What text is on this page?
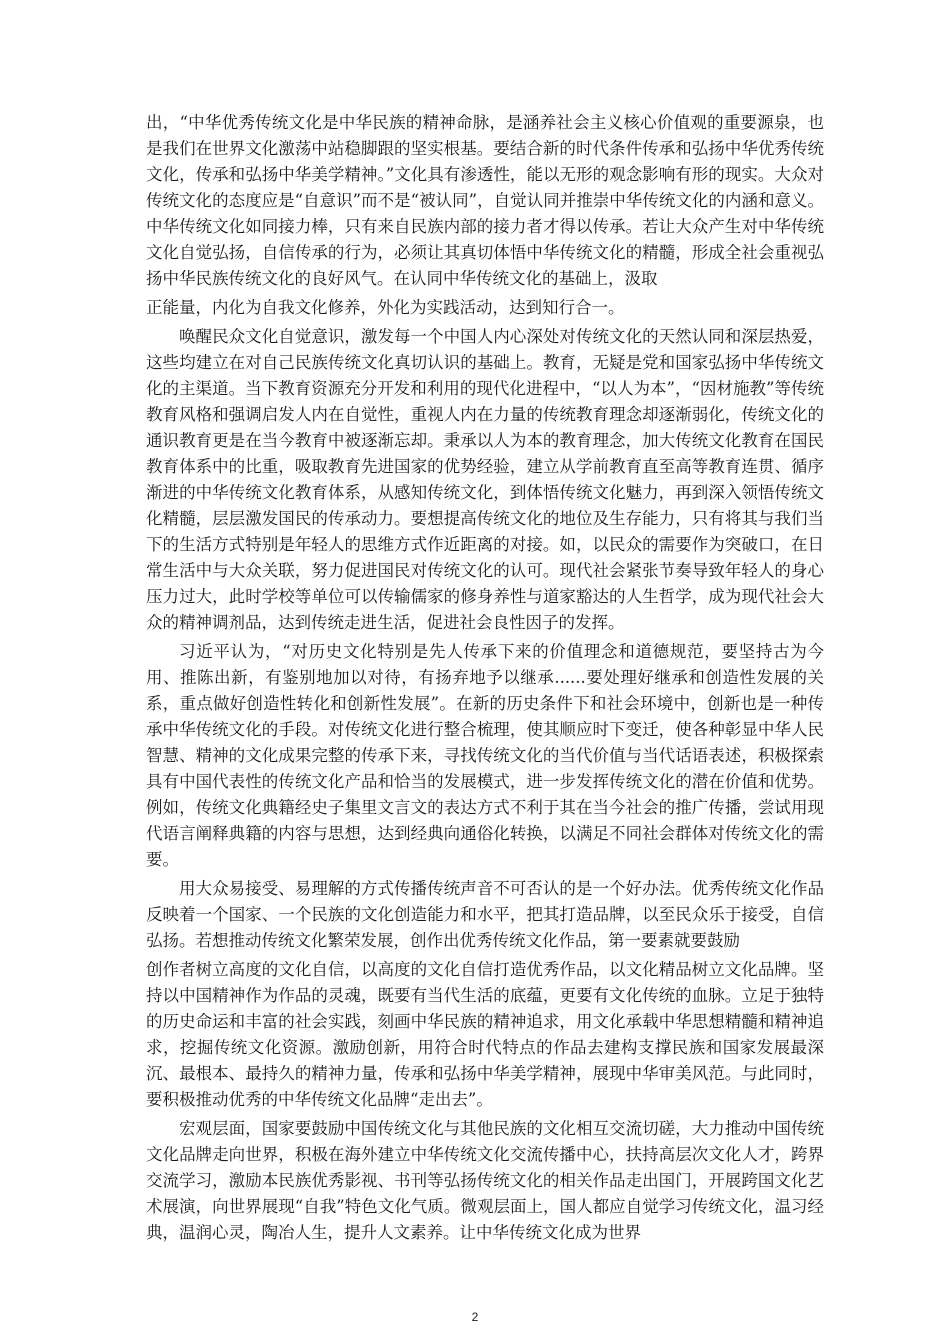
出，“中华优秀传统文化是中华民族的精神命脉，是涵养社会主义核心价值观的重要源泉，也是我们在世界文化激荡中站稳脚跟的坚实根基。要结合新的时代条件传承和弘扬中华优秀传统文化，传承和弘扬中华美学精神。”文化具有渗透性，能以无形的观念影响有形的现实。大众对传统文化的态度应是“自意识”而不是“被认同”，自觉认同并推崇中华传统文化的内涵和意义。中华传统文化如同接力棒，只有来自民族内部的接力者才得以传承。若让大众产生对中华传统文化自觉弘扬，自信传承的行为，必须让其真切体悟中华传统文化的精髓，形成全社会重视弘扬中华民族传统文化的良好风气。在认同中华传统文化的基础上，汲取

正能量，内化为自我文化修养，外化为实践活动，达到知行合一。

唤醒民众文化自觉意识，激发每一个中国人内心深处对传统文化的天然认同和深层热爱，这些均建立在对自己民族传统文化真切认识的基础上。教育，无疑是党和国家弘扬中华传统文化的主渠道。当下教育资源充分开发和利用的现代化进程中，“以人为本”，“因材施教”等传统教育风格和强调启发人内在自觉性，重视人内在力量的传统教育理念却逐渐弱化，传统文化的通识教育更是在当今教育中被逐渐忘却。秉承以人为本的教育理念，加大传统文化教育在国民教育体系中的比重，吸取教育先进国家的优势经验，建立从学前教育直至高等教育连贯、循序渐进的中华传统文化教育体系，从感知传统文化，到体悟传统文化魅力，再到深入领悟传统文化精髓，层层激发国民的传承动力。要想提高传统文化的地位及生存能力，只有将其与我们当下的生活方式特别是年轻人的思维方式作近距离的对接。如，以民众的需要作为突破口，在日常生活中与大众关联，努力促进国民对传统文化的认可。现代社会紧张节奏导致年轻人的身心压力过大，此时学校等单位可以传输儒家的修身养性与道家豁达的人生哲学，成为现代社会大众的精神调剂品，达到传统走进生活，促进社会良性因子的发挥。

习近平认为，“对历史文化特别是先人传承下来的价值理念和道德规范，要坚持古为今用、推陈出新，有鉴别地加以对待，有扬弃地予以继承......要处理好继承和创造性发展的关系，重点做好创造性转化和创新性发展”。在新的历史条件下和社会环境中，创新也是一种传承中华传统文化的手段。对传统文化进行整合梳理，使其顺应时下变迁，使各种彰显中华人民智慧、精神的文化成果完整的传承下来，寻找传统文化的当代价值与当代话语表述，积极探索具有中国代表性的传统文化产品和恰当的发展模式，进一步发挥传统文化的潜在价值和优势。例如，传统文化典籍经史子集里文言文的表达方式不利于其在当今社会的推广传播，尝试用现代语言阐释典籍的内容与思想，达到经典向通俗化转换，以满足不同社会群体对传统文化的需要。

用大众易接受、易理解的方式传播传统声音不可否认的是一个好办法。优秀传统文化作品反映着一个国家、一个民族的文化创造能力和水平，把其打造品牌，以至民众乐于接受，自信弘扬。若想推动传统文化繁荣发展，创作出优秀传统文化作品，第一要素就要鼓励

创作者树立高度的文化自信，以高度的文化自信打造优秀作品，以文化精品树立文化品牌。坚持以中国精神作为作品的灵魂，既要有当代生活的底蕴，更要有文化传统的血脉。立足于独特的历史命运和丰富的社会实践，刻画中华民族的精神追求，用文化承载中华思想精髓和精神追求，挖掘传统文化资源。激励创新，用符合时代特点的作品去建构支撑民族和国家发展最深沉、最根本、最持久的精神力量，传承和弘扬中华美学精神，展现中华审美风范。与此同时，要积极推动优秀的中华传统文化品牌“走出去”。

宏观层面，国家要鼓励中国传统文化与其他民族的文化相互交流切磋，大力推动中国传统文化品牌走向世界，积极在海外建立中华传统文化交流传播中心，扶持高层次文化人才，跨界交流学习，激励本民族优秀影视、书刊等弘扬传统文化的相关作品走出国门，开展跨国文化艺术展演，向世界展现“自我”特色文化气质。微观层面上，国人都应自觉学习传统文化，温习经典，温润心灵，陶冶人生，提升人文素养。让中华传统文化成为世界

2
